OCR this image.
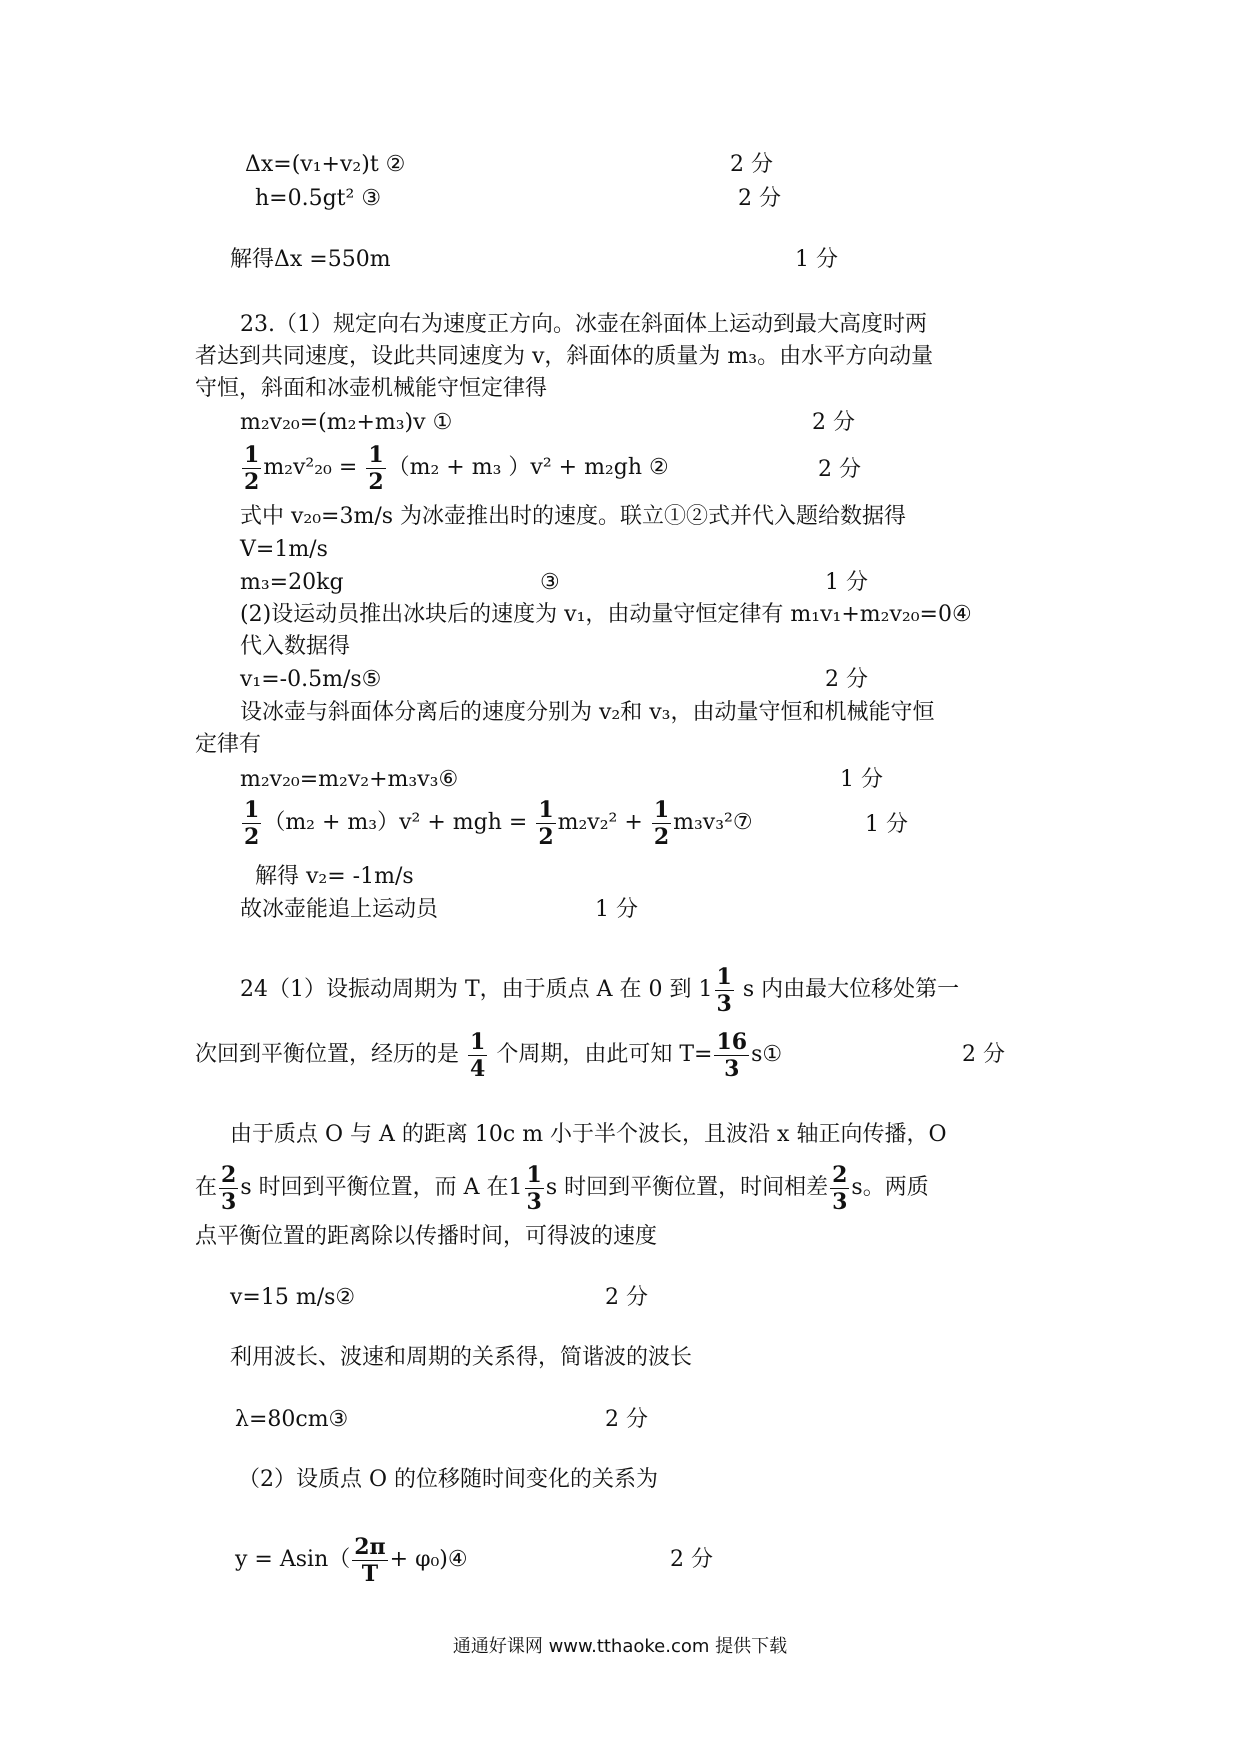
Δx=(v₁+v₂)t ②	2 分
h=0.5gt² ③	2 分
解得Δx =550m	1 分
23.（1）规定向右为速度正方向。冰壶在斜面体上运动到最大高度时两
者达到共同速度，设此共同速度为 v，斜面体的质量为 m₃。由水平方向动量
守恒，斜面和冰壶机械能守恒定律得
m₂v₂₀=(m₂+m₃)v ①	2 分
$\frac{1}{2} m_2v^2_{20} = \frac{1}{2} (m_2 + m_3$ ）v² + m₂gh ②	2 分
式中 v₂₀=3m/s 为冰壶推出时的速度。联立①②式并代入题给数据得
V=1m/s
m₃=20kg	③	1 分
(2)设运动员推出冰块后的速度为 v₁，由动量守恒定律有 m₁v₁+m₂v₂₀=0④
代入数据得
v₁=-0.5m/s⑤	2 分
设冰壶与斜面体分离后的速度分别为 v₂和 v₃，由动量守恒和机械能守恒
定律有
m₂v₂₀=m₂v₂+m₃v₃⑥	1 分
$\frac{1}{2} (m_2 + m_3)v^2$ + mgh = $\frac{1}{2} m_2v_2^2 + \frac{1}{2}$ m₃v₃²⑦	1 分
解得 v₂= -1m/s
故冰壶能追上运动员	1 分
24（1）设振动周期为 T，由于质点 A 在 0 到 $1 \frac{1}{3}$ s 内由最大位移处第一
次回到平衡位置，经历的是 $\frac{1}{4}$ 个周期，由此可知 $T= \frac{16}{3}$ s①	2 分
由于质点 O 与 A 的距离 10c m 小于半个波长，且波沿 x 轴正向传播，O
在 $\frac{2}{3}$ s 时回到平衡位置，而 A 在$1 \frac{1}{3}$ s 时回到平衡位置，时间相差 $\frac{2}{3}$ s。两质
点平衡位置的距离除以传播时间，可得波的速度
v=15 m/s②	2 分
利用波长、波速和周期的关系得，简谐波的波长
λ=80cm③	2 分
（2）设质点 O 的位移随时间变化的关系为
$y = Asin( \frac{2\pi}{T}$ + φ₀)④	2 分
通通好课网 www.tthaoke.com 提供下载
